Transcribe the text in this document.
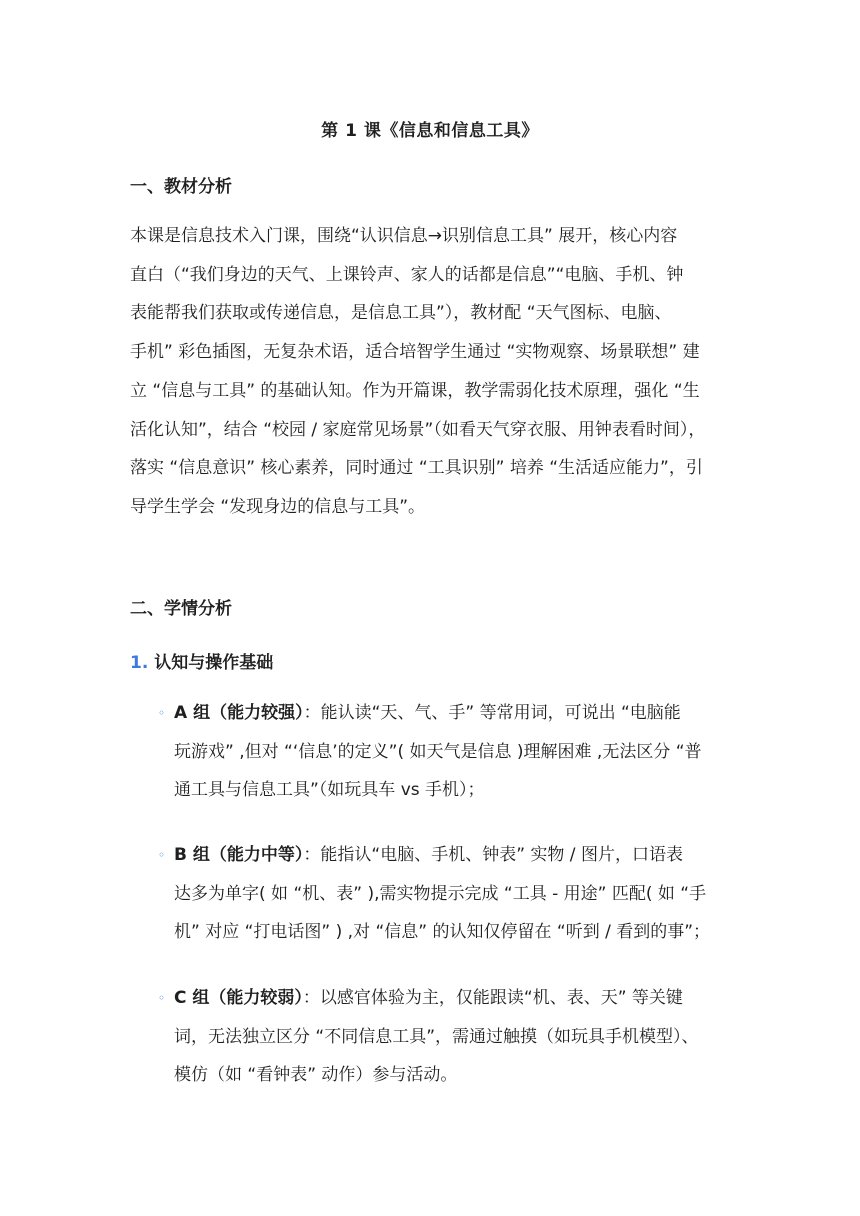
第 1 课《信息和信息工具》
一、教材分析
本课是信息技术入门课，围绕“认识信息→识别信息工具” 展开，核心内容
直白（“我们身边的天气、上课铃声、家人的话都是信息”“电脑、手机、钟
表能帮我们获取或传递信息，是信息工具”），教材配 “天气图标、电脑、
手机” 彩色插图，无复杂术语，适合培智学生通过 “实物观察、场景联想” 建
立 “信息与工具” 的基础认知。作为开篇课，教学需弱化技术原理，强化 “生
活化认知”，结合 “校园 / 家庭常见场景”（如看天气穿衣服、用钟表看时间），
落实 “信息意识” 核心素养，同时通过 “工具识别” 培养 “生活适应能力”，引
导学生学会 “发现身边的信息与工具”。
二、学情分析
1. 认知与操作基础
◦ A 组（能力较强）：能认读“天、气、手” 等常用词，可说出 “电脑能
玩游戏” ,但对 “‘信息’的定义”( 如天气是信息 )理解困难 ,无法区分 “普
通工具与信息工具”（如玩具车 vs 手机）；
◦ B 组（能力中等）：能指认“电脑、手机、钟表” 实物 / 图片，口语表
达多为单字( 如 “机、表” ),需实物提示完成 “工具 - 用途” 匹配( 如 “手
机” 对应 “打电话图” ) ,对 “信息” 的认知仅停留在 “听到 / 看到的事”；
◦ C 组（能力较弱）：以感官体验为主，仅能跟读“机、表、天” 等关键
词，无法独立区分 “不同信息工具”，需通过触摸（如玩具手机模型）、
模仿（如 “看钟表” 动作）参与活动。
